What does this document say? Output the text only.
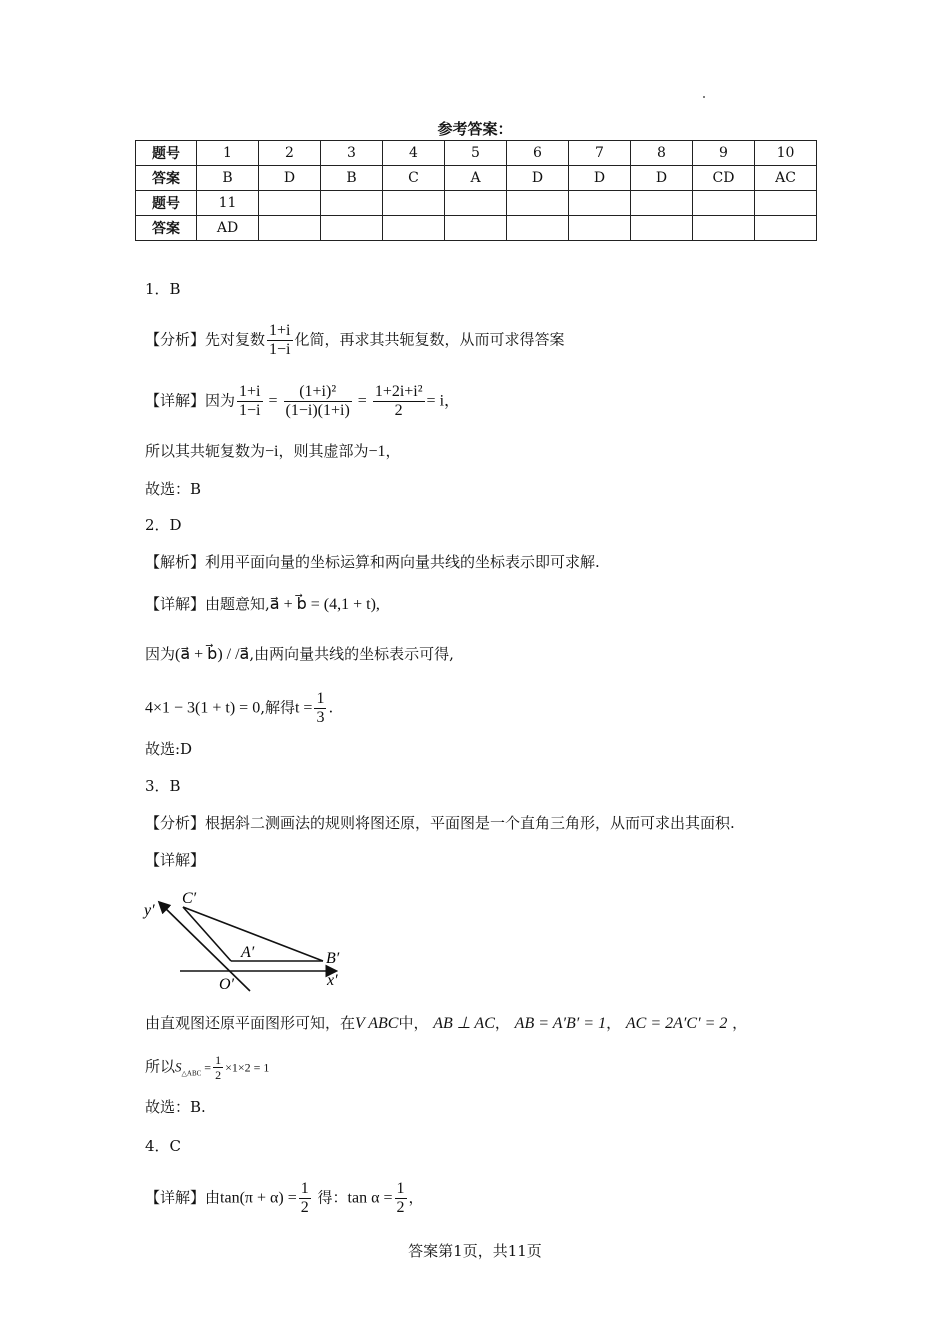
参考答案：
题号	1	2	3	4	5	6	7	8	9	10
答案	B	D	B	C	A	D	D	D	CD	AC
题号	11									
答案	AD									
1．B
【分析】先对复数 $\frac{1+i}{1-i}$ 化简，再求其共轭复数，从而可求得答案
【详解】因为 $\frac{1+i}{1-i} = \frac{\text{(1+i)²}}{(1-i)(1+i)} = \frac{\text{1+2i+i²}}{2} = i$，
所以其共轭复数为−i，则其虚部为−1，
故选：B
2．D
【解析】利用平面向量的坐标运算和两向量共线的坐标表示即可求解.
【详解】由题意知,a⃗ + b⃗ = (4,1 + t),
因为(a⃗ + b⃗) / /a⃗,由两向量共线的坐标表示可得,
4×1 − 3(1 + t) = 0,解得$t = \frac{1}{3}$ .
故选:D
3．B
【分析】根据斜二测画法的规则将图还原，平面图是一个直角三角形，从而可求出其面积.
【详解】
y′
C′
A′	B′
O′	x′
由直观图还原平面图形可知，在V ABC中， AB ⊥ AC， AB = A′B′ = 1， AC = 2A′C′ = 2 ，
所以$S_{\triangle ABC} = \frac{1}{2} \times 1\times 2 = 1$
故选：B.
4．C
【详解】由$\tan(\pi + \alpha) = \frac{1}{2}$ 得：$\tan \alpha = \frac{1}{2}$ ，
答案第1页，共11页
